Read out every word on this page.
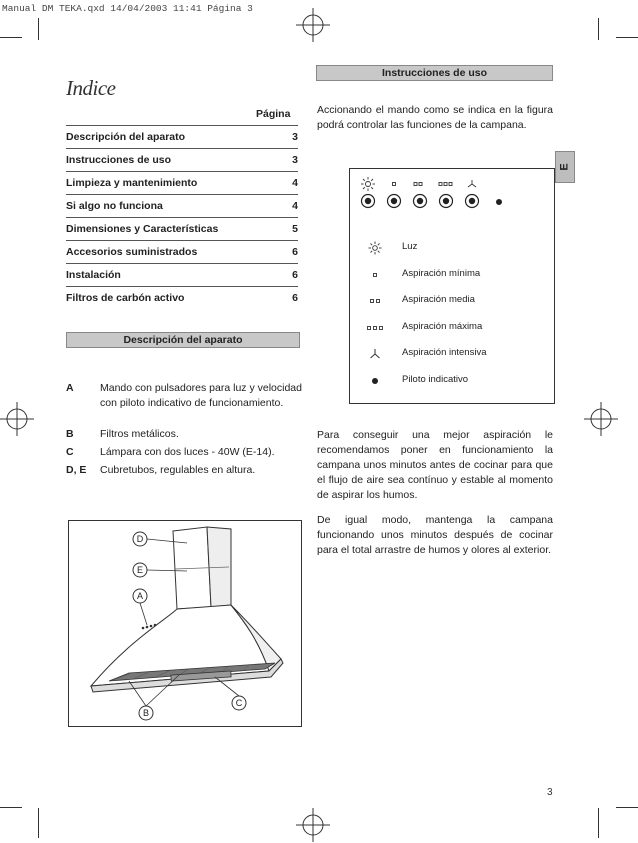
Manual DM TEKA.qxd 14/04/2003 11:41 Página 3
Indice
Página
Descripción del aparato	3
Instrucciones de uso	3
Limpieza y mantenimiento	4
Si algo no funciona	4
Dimensiones y Características	5
Accesorios suministrados	6
Instalación	6
Filtros de carbón activo	6
Descripción del aparato
A	Mando con pulsadores para luz y velocidad con piloto indicativo de funcionamiento.
B	Filtros metálicos.
C	Lámpara con dos luces - 40W (E-14).
D, E	Cubretubos, regulables en altura.
D
E
A
B
C
Instrucciones de uso
Accionando el mando como se indica en la figura podrá controlar las funciones de la campana.
E
Luz
Aspiración mínima
Aspiración media
Aspiración máxima
Aspiración intensiva
Piloto indicativo
Para conseguir una mejor aspiración le recomendamos poner en funcionamiento la campana unos minutos antes de cocinar para que el flujo de aire sea contínuo y estable al momento de aspirar los humos.
De igual modo, mantenga la campana funcionando unos minutos después de cocinar para el total arrastre de humos y olores al exterior.
3
